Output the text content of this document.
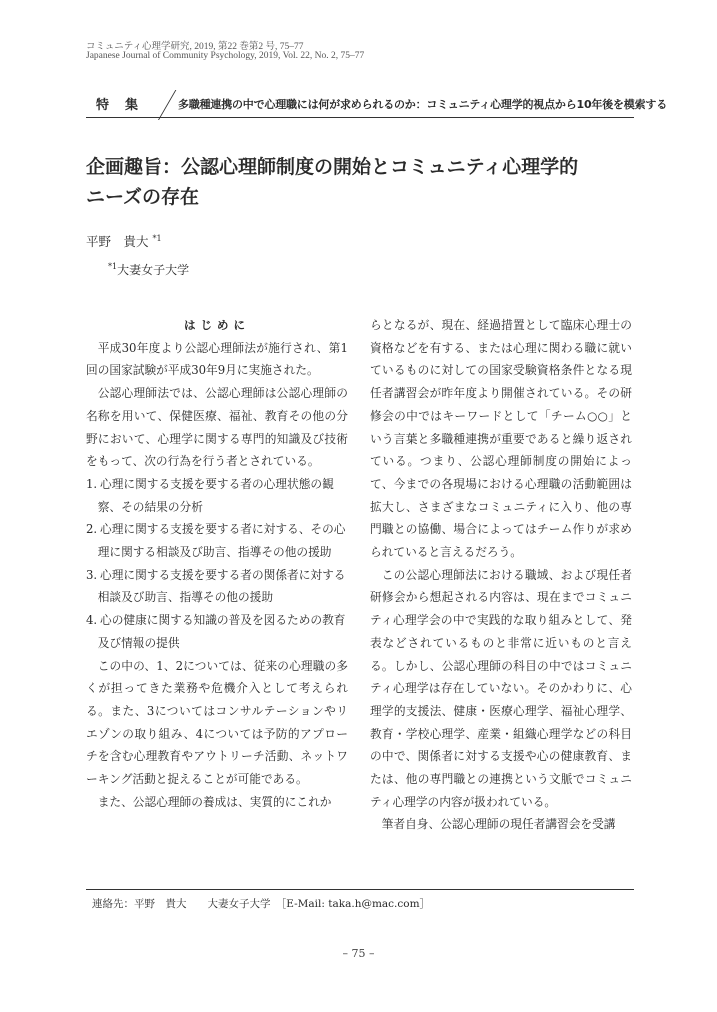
コミュニティ心理学研究, 2019, 第22 巻第2 号, 75–77
Japanese Journal of Community Psychology, 2019, Vol. 22, No. 2, 75–77
特集 多職種連携の中で心理職には何が求められるのか：コミュニティ心理学的視点から10年後を模索する
企画趣旨：公認心理師制度の開始とコミュニティ心理学的
ニーズの存在
平野　貴大 $^{*1}$
$^{*1}$大妻女子大学
はじめに

平成30年度より公認心理師法が施行され、第1回の国家試験が平成30年9月に実施された。

公認心理師法では、公認心理師は公認心理師の名称を用いて、保健医療、福祉、教育その他の分野において、心理学に関する専門的知識及び技術をもって、次の行為を行う者とされている。

1. 心理に関する支援を要する者の心理状態の観察、その結果の分析
2. 心理に関する支援を要する者に対する、その心理に関する相談及び助言、指導その他の援助
3. 心理に関する支援を要する者の関係者に対する相談及び助言、指導その他の援助
4. 心の健康に関する知識の普及を図るための教育及び情報の提供

この中の、1、2については、従来の心理職の多くが担ってきた業務や危機介入として考えられる。また、3についてはコンサルテーションやリエゾンの取り組み、4については予防的アプローチを含む心理教育やアウトリーチ活動、ネットワーキング活動と捉えることが可能である。

また、公認心理師の養成は、実質的にこれか

らとなるが、現在、経過措置として臨床心理士の資格などを有する、または心理に関わる職に就いているものに対しての国家受験資格条件となる現任者講習会が昨年度より開催されている。その研修会の中ではキーワードとして「チーム○○」という言葉と多職種連携が重要であると繰り返されている。つまり、公認心理師制度の開始によって、今までの各現場における心理職の活動範囲は拡大し、さまざまなコミュニティに入り、他の専門職との協働、場合によってはチーム作りが求められていると言えるだろう。

この公認心理師法における職域、および現任者研修会から想起される内容は、現在までコミュニティ心理学会の中で実践的な取り組みとして、発表などされているものと非常に近いものと言える。しかし、公認心理師の科目の中ではコミュニティ心理学は存在していない。そのかわりに、心理学的支援法、健康・医療心理学、福祉心理学、教育・学校心理学、産業・組織心理学などの科目の中で、関係者に対する支援や心の健康教育、または、他の専門職との連携という文脈でコミュニティ心理学の内容が扱われている。

筆者自身、公認心理師の現任者講習会を受講

連絡先：平野　貴大　　大妻女子大学　［E-Mail: taka.h@mac.com］
– 75 –
